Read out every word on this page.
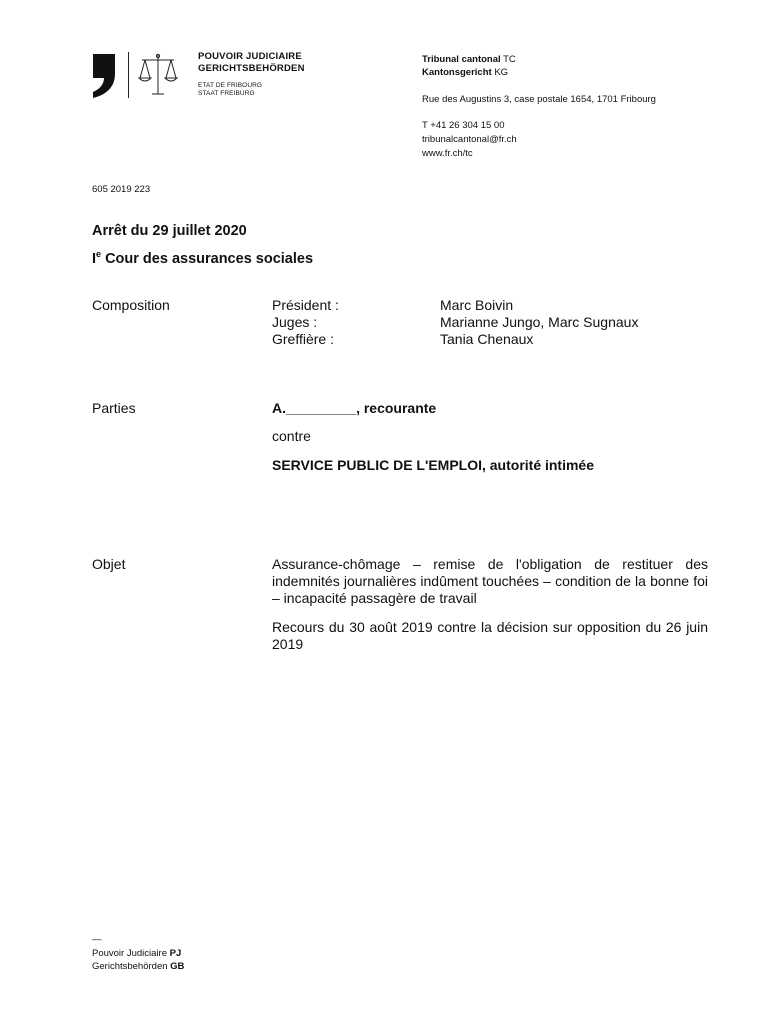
POUVOIR JUDICIAIRE
GERICHTSBEHÖRDEN
ETAT DE FRIBOURG
STAAT FREIBURG
Tribunal cantonal TC
Kantonsgericht KG
Rue des Augustins 3, case postale 1654, 1701 Fribourg
T +41 26 304 15 00
tribunalcantonal@fr.ch
www.fr.ch/tc
605 2019 223
Arrêt du 29 juillet 2020
Ie Cour des assurances sociales
Composition	Président :	Marc Boivin
Juges :	Marianne Jungo, Marc Sugnaux
Greffière :	Tania Chenaux
Parties	A._________, recourante
contre
SERVICE PUBLIC DE L'EMPLOI, autorité intimée
Objet	Assurance-chômage – remise de l'obligation de restituer des indemnités journalières indûment touchées – condition de la bonne foi – incapacité passagère de travail
Recours du 30 août 2019 contre la décision sur opposition du 26 juin 2019
—
Pouvoir Judiciaire PJ
Gerichtsbehörden GB
